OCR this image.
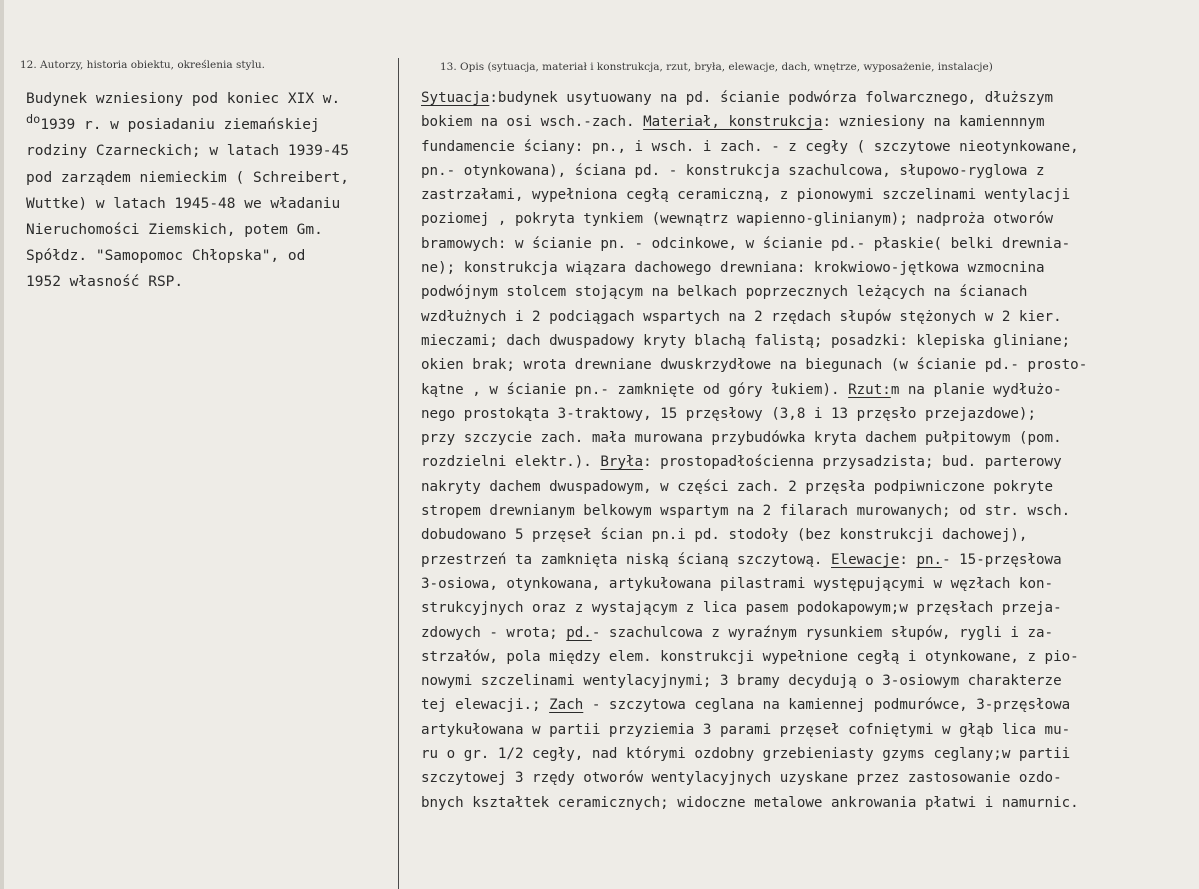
12. Autorzy, historia obiektu, określenia stylu.	13. Opis (sytuacja, materiał i konstrukcja, rzut, bryła, elewacje, dach, wnętrze, wyposażenie, instalacje)
Budynek wzniesiony pod koniec XIX w.
$^{do}$1939 r. w posiadaniu ziemańskiej
rodziny Czarneckich; w latach 1939-45
pod zarządem niemieckim ( Schreibert,
Wuttke) w latach 1945-48 we władaniu
Nieruchomości Ziemskich, potem Gm.
Spółdz. "Samopomoc Chłopska", od
1952 własność RSP.
Sytuacja:budynek usytuowany na pd. ścianie podwórza folwarcznego, dłuższym
bokiem na osi wsch.-zach. Materiał, konstrukcja: wzniesiony na kamiennnym
fundamencie ściany: pn., i wsch. i zach. - z cegły ( szczytowe nieotynkowane,
pn.- otynkowana), ściana pd. - konstrukcja szachulcowa, słupowo-ryglowa z
zastrzałami, wypełniona cegłą ceramiczną, z pionowymi szczelinami wentylacji
poziomej , pokryta tynkiem (wewnątrz wapienno-glinianym); nadproża otworów
bramowych: w ścianie pn. - odcinkowe, w ścianie pd.- płaskie( belki drewnia-
ne); konstrukcja wiązara dachowego drewniana: krokwiowo-jętkowa wzmocnina
podwójnym stolcem stojącym na belkach poprzecznych leżących na ścianach
wzdłużnych i 2 podciągach wspartych na 2 rzędach słupów stężonych w 2 kier.
mieczami; dach dwuspadowy kryty blachą falistą; posadzki: klepiska gliniane;
okien brak; wrota drewniane dwuskrzydłowe na biegunach (w ścianie pd.- prosto-
kątne , w ścianie pn.- zamknięte od góry łukiem). Rzut:m na planie wydłużo-
nego prostokąta 3-traktowy, 15 przęsłowy (3,8 i 13 przęsło przejazdowe);
przy szczycie zach. mała murowana przybudówka kryta dachem pułpitowym (pom.
rozdzielni elektr.). Bryła: prostopadłościenna przysadzista; bud. parterowy
nakryty dachem dwuspadowym, w części zach. 2 przęsła podpiwniczone pokryte
stropem drewnianym belkowym wspartym na 2 filarach murowanych; od str. wsch.
dobudowano 5 przęseł ścian pn.i pd. stodoły (bez konstrukcji dachowej),
przestrzeń ta zamknięta niską ścianą szczytową. Elewacje: pn.- 15-przęsłowa
3-osiowa, otynkowana, artykułowana pilastrami występującymi w węzłach kon-
strukcyjnych oraz z wystającym z lica pasem podokapowym;w przęsłach przeja-
zdowych - wrota; pd.- szachulcowa z wyraźnym rysunkiem słupów, rygli i za-
strzałów, pola między elem. konstrukcji wypełnione cegłą i otynkowane, z pio-
nowymi szczelinami wentylacyjnymi; 3 bramy decydują o 3-osiowym charakterze
tej elewacji.; Zach - szczytowa ceglana na kamiennej podmurówce, 3-przęsłowa
artykułowana w partii przyziemia 3 parami przęseł cofniętymi w głąb lica mu-
ru o gr. 1/2 cegły, nad którymi ozdobny grzebieniasty gzyms ceglany;w partii
szczytowej 3 rzędy otworów wentylacyjnych uzyskane przez zastosowanie ozdo-
bnych kształtek ceramicznych; widoczne metalowe ankrowania płatwi i namurnic.
